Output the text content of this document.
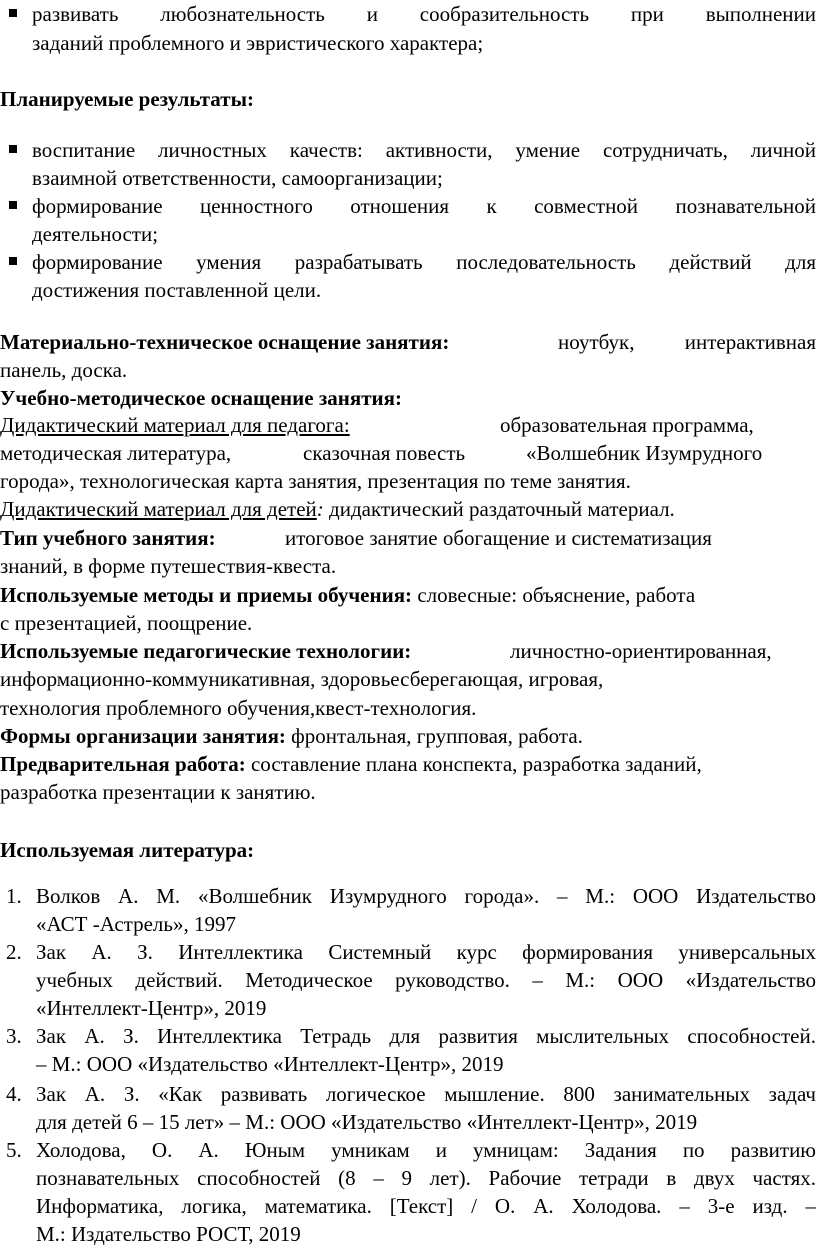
развивать любознательность и сообразительность при выполнении
заданий проблемного и эвристического характера;
Планируемые результаты:
воспитание личностных качеств: активности, умение сотрудничать, личной
взаимной ответственности, самоорганизации;
формирование ценностного отношения к совместной познавательной
деятельности;
формирование умения разрабатывать последовательность действий для
достижения поставленной цели.
Материально-техническое оснащение занятия:	ноутбук, интерактивная
панель, доска.
Учебно-методическое оснащение занятия:
Дидактический материал для педагога:	образовательная программа,
методическая литература,	сказочная повесть	«Волшебник Изумрудного
города», технологическая карта занятия, презентация по теме занятия.
Дидактический материал для детей: дидактический раздаточный материал.
Тип учебного занятия:	итоговое занятие обогащение и систематизация
знаний, в форме путешествия-квеста.
Используемые методы и приемы обучения: словесные: объяснение, работа
с презентацией, поощрение.
Используемые педагогические технологии:	личностно-ориентированная,
информационно-коммуникативная, здоровьесберегающая, игровая,
технология проблемного обучения,квест-технология.
Формы организации занятия: фронтальная, групповая, работа.
Предварительная работа: составление плана конспекта, разработка заданий,
разработка презентации к занятию.
Используемая литература:
1. Волков А. М. «Волшебник Изумрудного города». – М.: ООО Издательство
«АСТ -Астрель», 1997
2. Зак А. З. Интеллектика Системный курс формирования универсальных
учебных действий. Методическое руководство. – М.: ООО «Издательство
«Интеллект-Центр», 2019
3. Зак А. З. Интеллектика Тетрадь для развития мыслительных способностей.
– М.: ООО «Издательство «Интеллект-Центр», 2019
4. Зак А. З. «Как развивать логическое мышление. 800 занимательных задач
для детей 6 – 15 лет» – М.: ООО «Издательство «Интеллект-Центр», 2019
5. Холодова, О. А. Юным умникам и умницам: Задания по развитию
познавательных способностей (8 – 9 лет). Рабочие тетради в двух частях.
Информатика, логика, математика. [Текст] / О. А. Холодова. – 3-е изд. –
М.: Издательство РОСТ, 2019
